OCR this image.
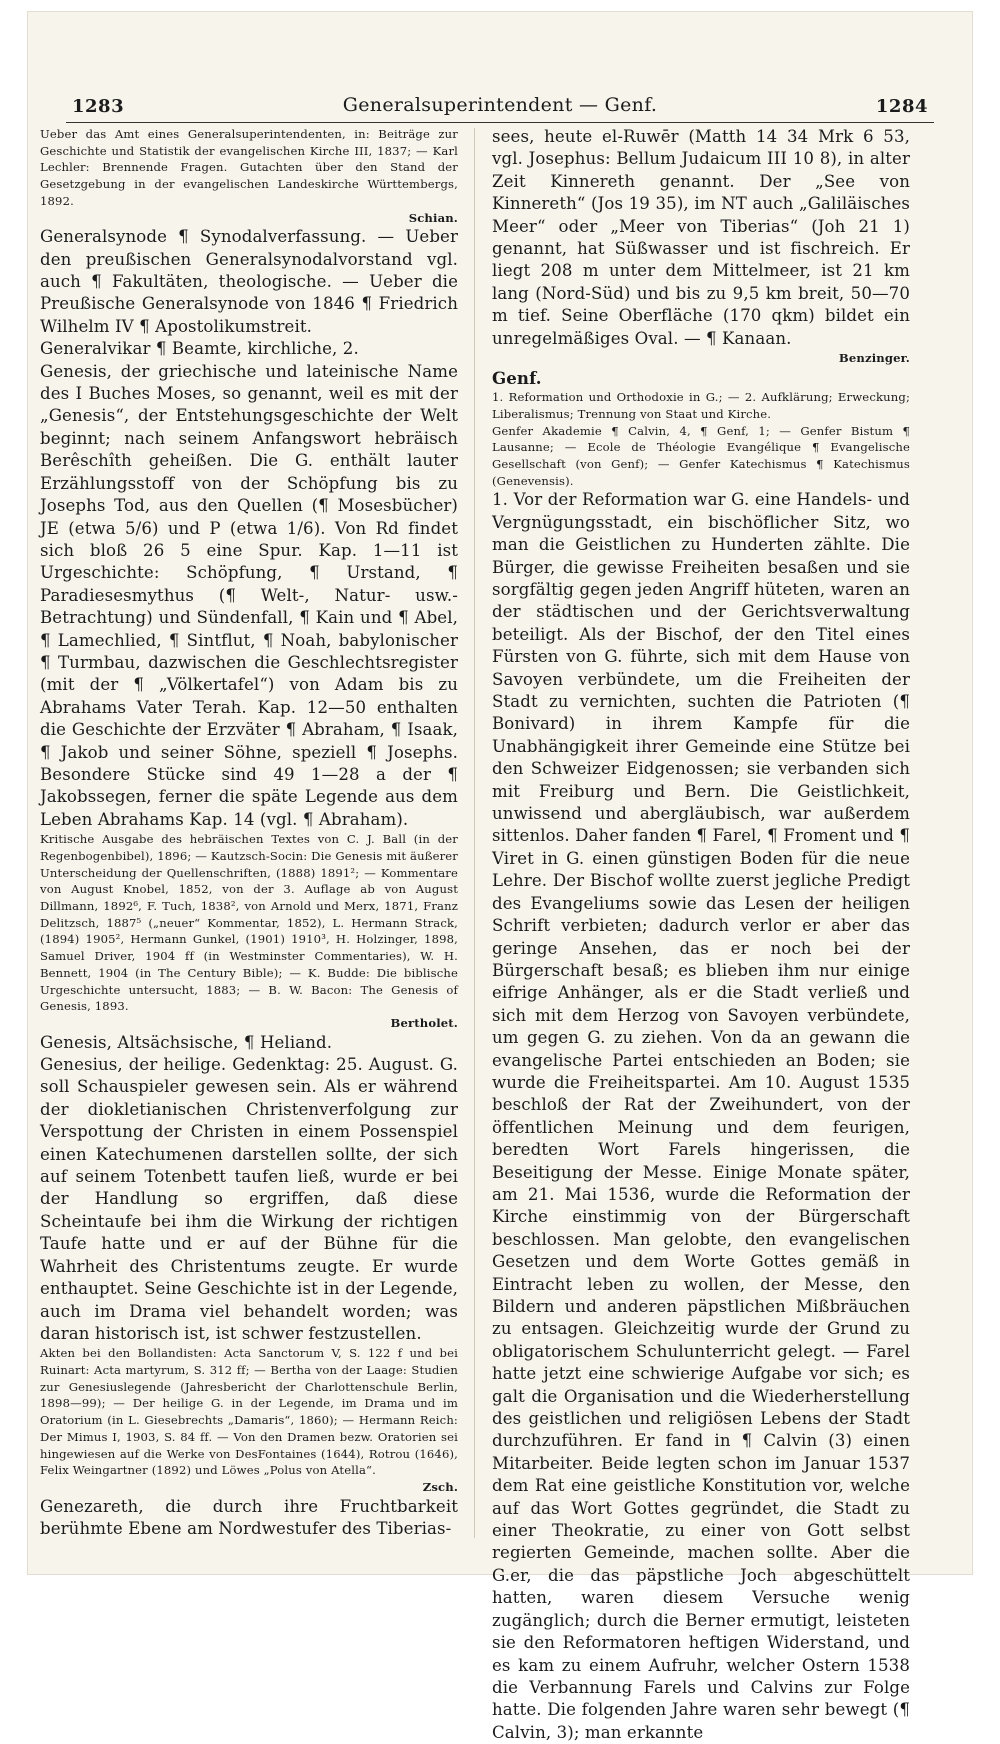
1283	Generalsuperintendent — Genf.	1284

Ueber das Amt eines Generalsuperintendenten, in: Beiträge zur Geschichte und Statistik der evangelischen Kirche III, 1837; — Karl Lechler: Brennende Fragen. Gutachten über den Stand der Gesetzgebung in der evangelischen Landeskirche Württembergs, 1892.

Schian.

Generalsynode ¶ Synodalverfassung. — Ueber den preußischen Generalsynodalvorstand vgl. auch ¶ Fakultäten, theologische. — Ueber die Preußische Generalsynode von 1846 ¶ Friedrich Wilhelm IV ¶ Apostolikumstreit.

Generalvikar ¶ Beamte, kirchliche, 2.

Genesis, der griechische und lateinische Name des I Buches Moses, so genannt, weil es mit der „Genesis“, der Entstehungsgeschichte der Welt beginnt; nach seinem Anfangswort hebräisch Berêschîth geheißen. Die G. enthält lauter Erzählungsstoff von der Schöpfung bis zu Josephs Tod, aus den Quellen (¶ Mosesbücher) JE (etwa 5/6) und P (etwa 1/6). Von Rd findet sich bloß 26 5 eine Spur. Kap. 1—11 ist Urgeschichte: Schöpfung, ¶ Urstand, ¶ Paradiesesmythus (¶ Welt-, Natur- usw.-Betrachtung) und Sündenfall, ¶ Kain und ¶ Abel, ¶ Lamechlied, ¶ Sintflut, ¶ Noah, babylonischer ¶ Turmbau, dazwischen die Geschlechtsregister (mit der ¶ „Völkertafel“) von Adam bis zu Abrahams Vater Terah. Kap. 12—50 enthalten die Geschichte der Erzväter ¶ Abraham, ¶ Isaak, ¶ Jakob und seiner Söhne, speziell ¶ Josephs. Besondere Stücke sind 49 1—28 a der ¶ Jakobssegen, ferner die späte Legende aus dem Leben Abrahams Kap. 14 (vgl. ¶ Abraham).

Kritische Ausgabe des hebräischen Textes von C. J. Ball (in der Regenbogenbibel), 1896; — Kautzsch-Socin: Die Genesis mit äußerer Unterscheidung der Quellenschriften, (1888) 1891²; — Kommentare von August Knobel, 1852, von der 3. Auflage ab von August Dillmann, 1892⁶, F. Tuch, 1838², von Arnold und Merx, 1871, Franz Delitzsch, 1887⁵ („neuer“ Kommentar, 1852), L. Hermann Strack, (1894) 1905², Hermann Gunkel, (1901) 1910³, H. Holzinger, 1898, Samuel Driver, 1904 ff (in Westminster Commentaries), W. H. Bennett, 1904 (in The Century Bible); — K. Budde: Die biblische Urgeschichte untersucht, 1883; — B. W. Bacon: The Genesis of Genesis, 1893.

Bertholet.

Genesis, Altsächsische, ¶ Heliand.

Genesius, der heilige. Gedenktag: 25. August. G. soll Schauspieler gewesen sein. Als er während der diokletianischen Christenverfolgung zur Verspottung der Christen in einem Possenspiel einen Katechumenen darstellen sollte, der sich auf seinem Totenbett taufen ließ, wurde er bei der Handlung so ergriffen, daß diese Scheintaufe bei ihm die Wirkung der richtigen Taufe hatte und er auf der Bühne für die Wahrheit des Christentums zeugte. Er wurde enthauptet. Seine Geschichte ist in der Legende, auch im Drama viel behandelt worden; was daran historisch ist, ist schwer festzustellen.

Akten bei den Bollandisten: Acta Sanctorum V, S. 122 f und bei Ruinart: Acta martyrum, S. 312 ff; — Bertha von der Laage: Studien zur Genesiuslegende (Jahresbericht der Charlottenschule Berlin, 1898—99); — Der heilige G. in der Legende, im Drama und im Oratorium (in L. Giesebrechts „Damaris“, 1860); — Hermann Reich: Der Mimus I, 1903, S. 84 ff. — Von den Dramen bezw. Oratorien sei hingewiesen auf die Werke von DesFontaines (1644), Rotrou (1646), Felix Weingartner (1892) und Löwes „Polus von Atella“.

Zsch.

Genezareth, die durch ihre Fruchtbarkeit berühmte Ebene am Nordwestufer des Tiberias-

sees, heute el-Ruwēr (Matth 14 34 Mrk 6 53, vgl. Josephus: Bellum Judaicum III 10 8), in alter Zeit Kinnereth genannt. Der „See von Kinnereth“ (Jos 19 35), im NT auch „Galiläisches Meer“ oder „Meer von Tiberias“ (Joh 21 1) genannt, hat Süßwasser und ist fischreich. Er liegt 208 m unter dem Mittelmeer, ist 21 km lang (Nord-Süd) und bis zu 9,5 km breit, 50—70 m tief. Seine Oberfläche (170 qkm) bildet ein unregelmäßiges Oval. — ¶ Kanaan.

Benzinger.

Genf.

1. Reformation und Orthodoxie in G.; — 2. Aufklärung; Erweckung; Liberalismus; Trennung von Staat und Kirche.

Genfer Akademie ¶ Calvin, 4, ¶ Genf, 1; — Genfer Bistum ¶ Lausanne; — Ecole de Théologie Evangélique ¶ Evangelische Gesellschaft (von Genf); — Genfer Katechismus ¶ Katechismus (Genevensis).

1. Vor der Reformation war G. eine Handels- und Vergnügungsstadt, ein bischöflicher Sitz, wo man die Geistlichen zu Hunderten zählte. Die Bürger, die gewisse Freiheiten besaßen und sie sorgfältig gegen jeden Angriff hüteten, waren an der städtischen und der Gerichtsverwaltung beteiligt. Als der Bischof, der den Titel eines Fürsten von G. führte, sich mit dem Hause von Savoyen verbündete, um die Freiheiten der Stadt zu vernichten, suchten die Patrioten (¶ Bonivard) in ihrem Kampfe für die Unabhängigkeit ihrer Gemeinde eine Stütze bei den Schweizer Eidgenossen; sie verbanden sich mit Freiburg und Bern. Die Geistlichkeit, unwissend und abergläubisch, war außerdem sittenlos. Daher fanden ¶ Farel, ¶ Froment und ¶ Viret in G. einen günstigen Boden für die neue Lehre. Der Bischof wollte zuerst jegliche Predigt des Evangeliums sowie das Lesen der heiligen Schrift verbieten; dadurch verlor er aber das geringe Ansehen, das er noch bei der Bürgerschaft besaß; es blieben ihm nur einige eifrige Anhänger, als er die Stadt verließ und sich mit dem Herzog von Savoyen verbündete, um gegen G. zu ziehen. Von da an gewann die evangelische Partei entschieden an Boden; sie wurde die Freiheitspartei. Am 10. August 1535 beschloß der Rat der Zweihundert, von der öffentlichen Meinung und dem feurigen, beredten Wort Farels hingerissen, die Beseitigung der Messe. Einige Monate später, am 21. Mai 1536, wurde die Reformation der Kirche einstimmig von der Bürgerschaft beschlossen. Man gelobte, den evangelischen Gesetzen und dem Worte Gottes gemäß in Eintracht leben zu wollen, der Messe, den Bildern und anderen päpstlichen Mißbräuchen zu entsagen. Gleichzeitig wurde der Grund zu obligatorischem Schulunterricht gelegt. — Farel hatte jetzt eine schwierige Aufgabe vor sich; es galt die Organisation und die Wiederherstellung des geistlichen und religiösen Lebens der Stadt durchzuführen. Er fand in ¶ Calvin (3) einen Mitarbeiter. Beide legten schon im Januar 1537 dem Rat eine geistliche Konstitution vor, welche auf das Wort Gottes gegründet, die Stadt zu einer Theokratie, zu einer von Gott selbst regierten Gemeinde, machen sollte. Aber die G.er, die das päpstliche Joch abgeschüttelt hatten, waren diesem Versuche wenig zugänglich; durch die Berner ermutigt, leisteten sie den Reformatoren heftigen Widerstand, und es kam zu einem Aufruhr, welcher Ostern 1538 die Verbannung Farels und Calvins zur Folge hatte. Die folgenden Jahre waren sehr bewegt (¶ Calvin, 3); man erkannte
